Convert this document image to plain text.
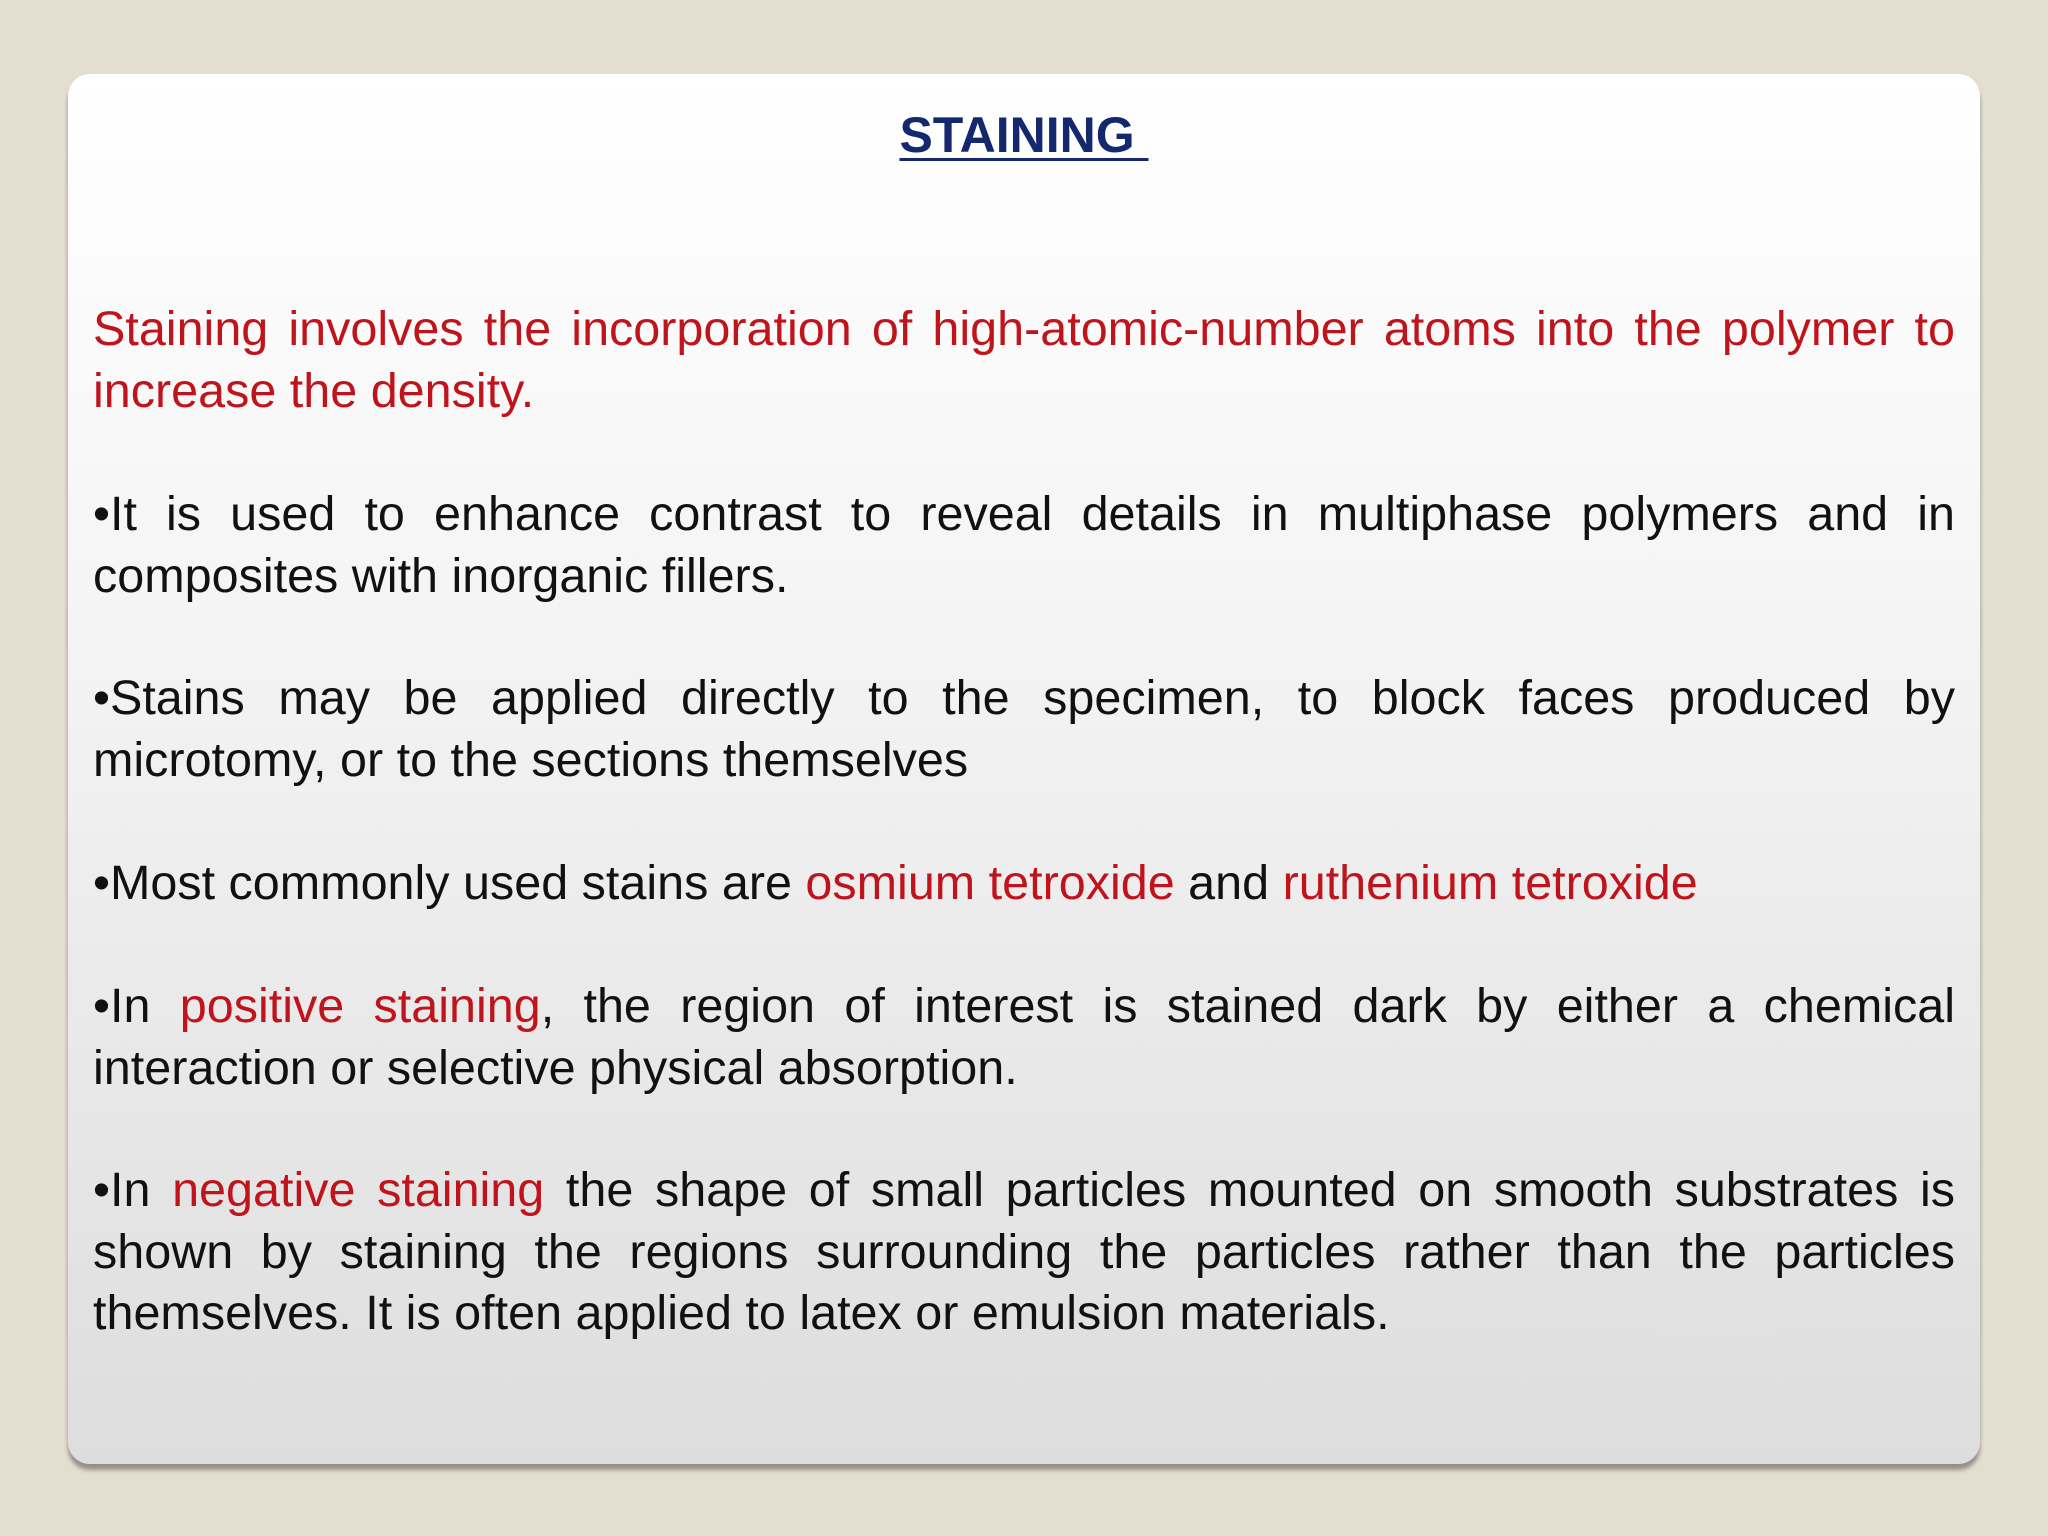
STAINING
Staining involves the incorporation of high-atomic-number atoms into the polymer to increase the density.
•It is used to enhance contrast to reveal details in multiphase polymers and in composites with inorganic fillers.
•Stains may be applied directly to the specimen, to block faces produced by microtomy, or to the sections themselves
•Most commonly used stains are osmium tetroxide and ruthenium tetroxide
•In positive staining, the region of interest is stained dark by either a chemical interaction or selective physical absorption.
•In negative staining the shape of small particles mounted on smooth substrates is shown by staining the regions surrounding the particles rather than the particles themselves. It is often applied to latex or emulsion materials.
